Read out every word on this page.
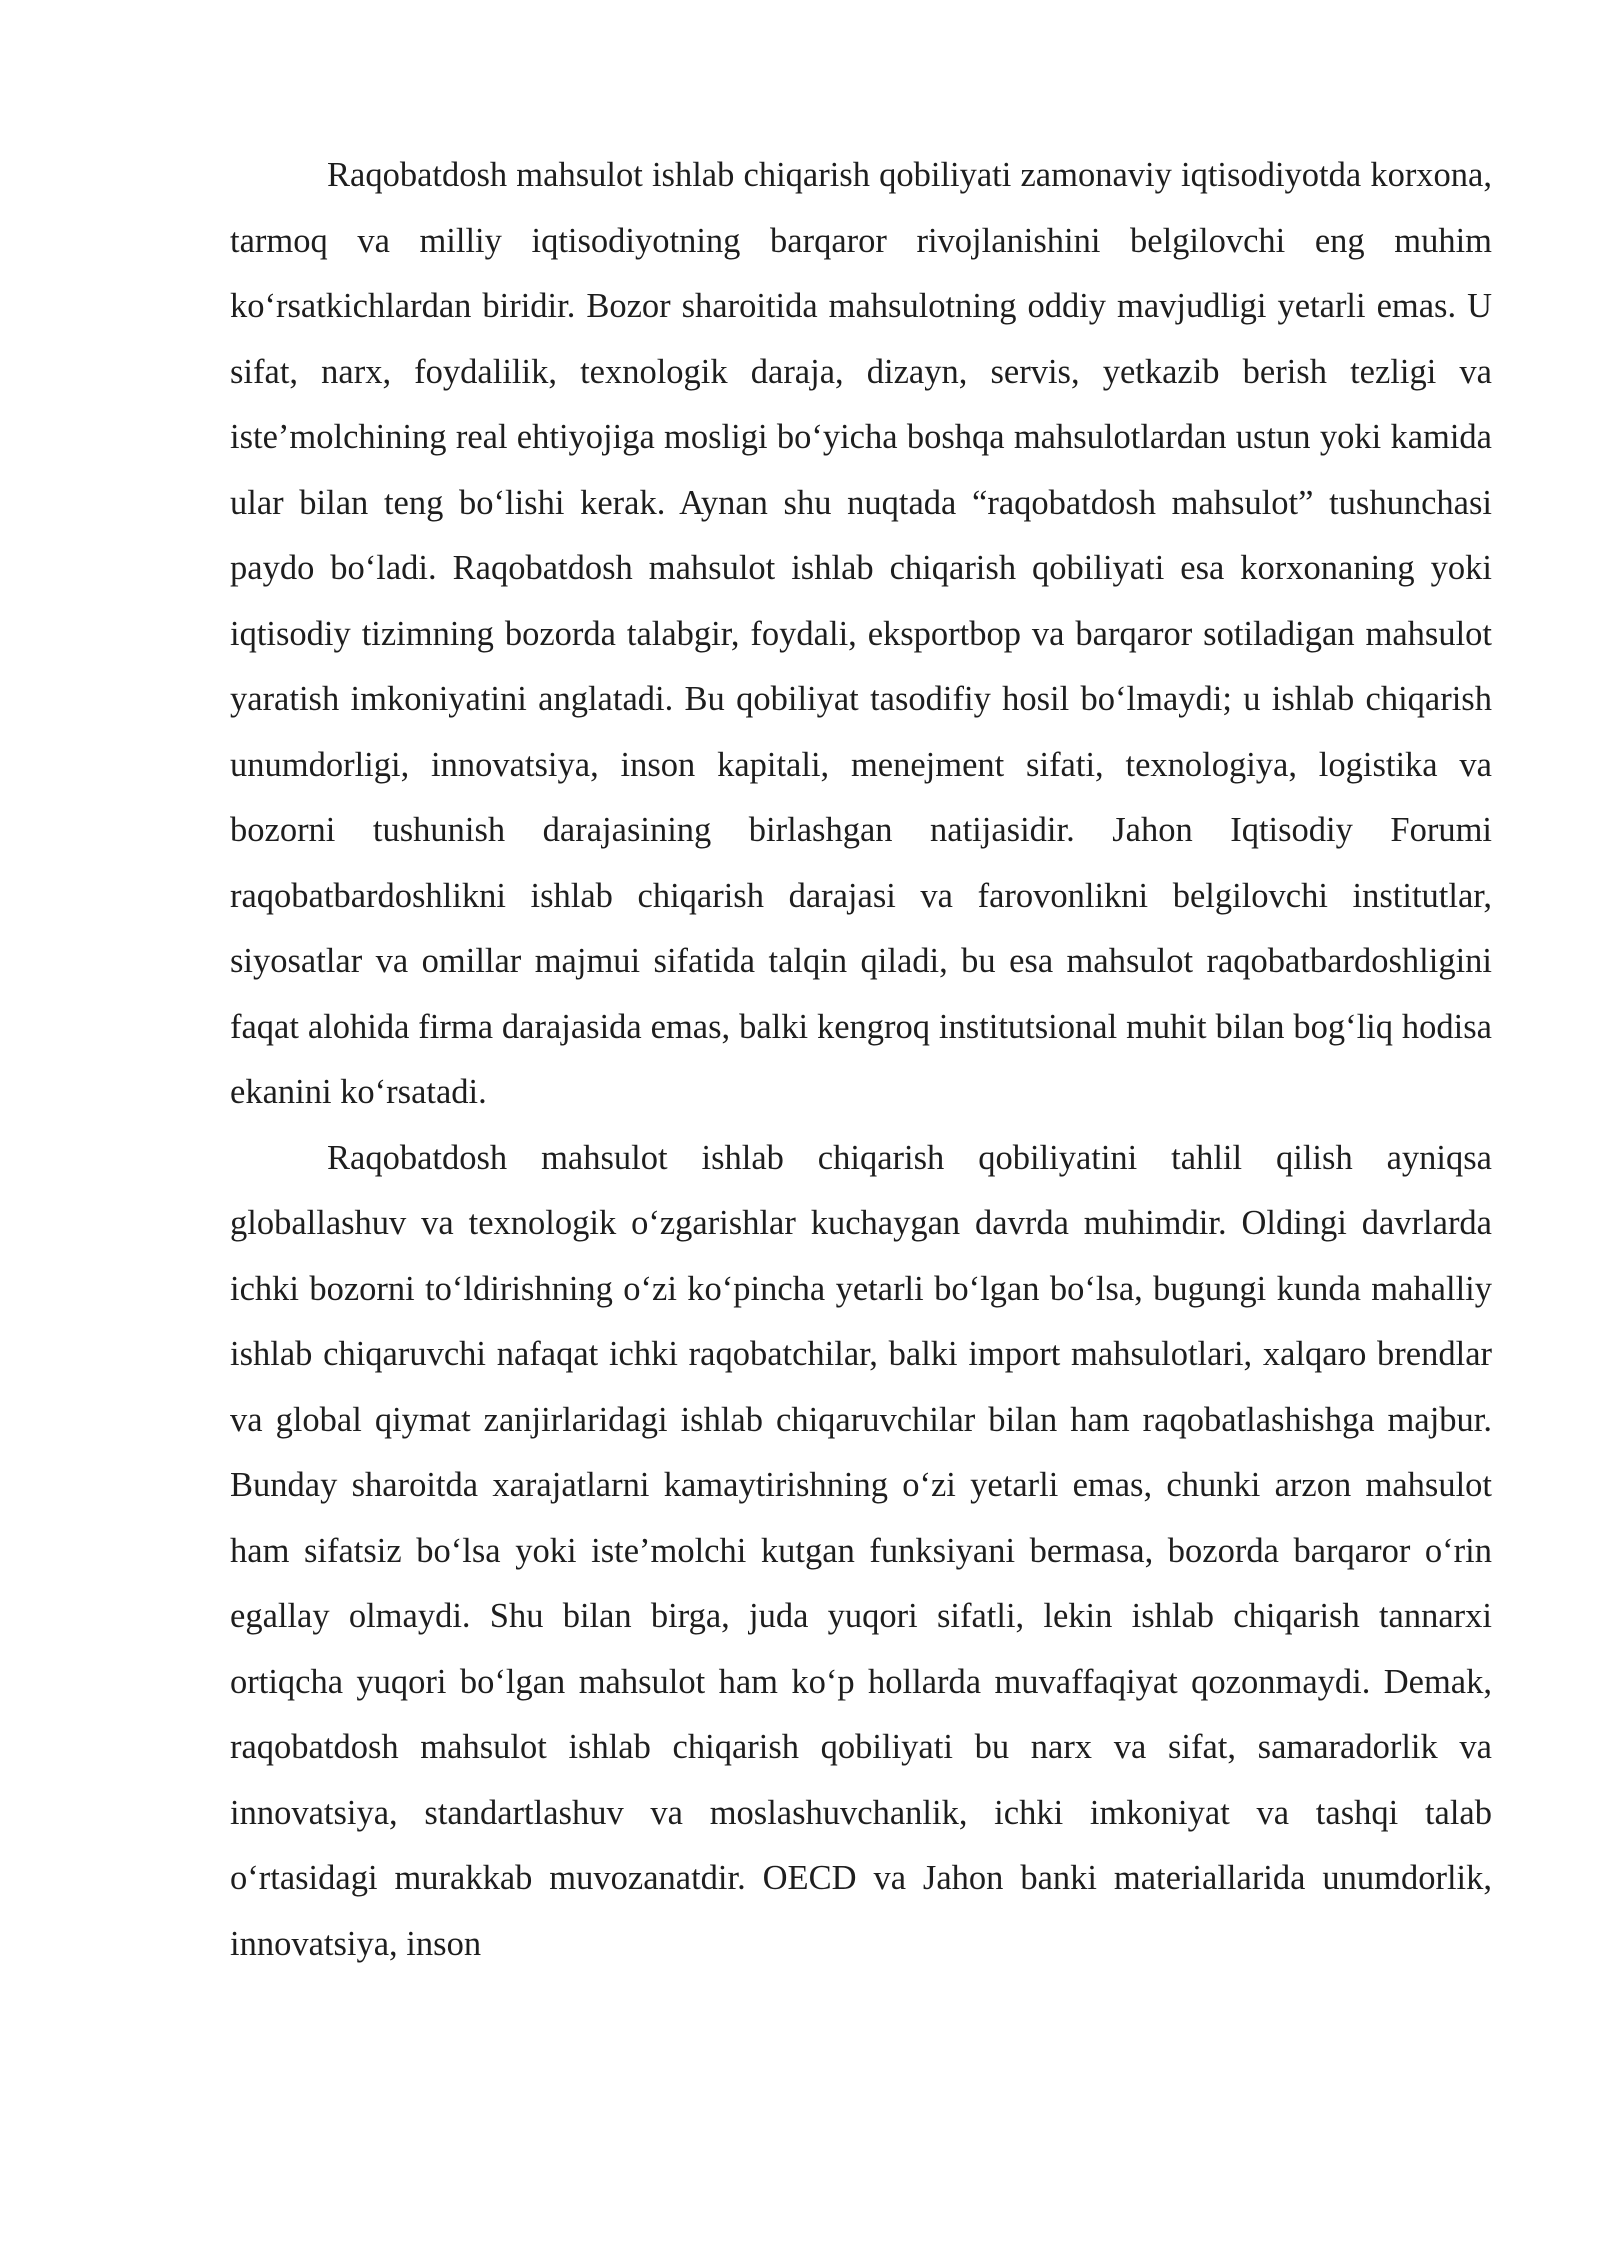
Raqobatdosh mahsulot ishlab chiqarish qobiliyati zamonaviy iqtisodiyotda korxona, tarmoq va milliy iqtisodiyotning barqaror rivojlanishini belgilovchi eng muhim ko‘rsatkichlardan biridir. Bozor sharoitida mahsulotning oddiy mavjudligi yetarli emas. U sifat, narx, foydalilik, texnologik daraja, dizayn, servis, yetkazib berish tezligi va iste’molchining real ehtiyojiga mosligi bo‘yicha boshqa mahsulotlardan ustun yoki kamida ular bilan teng bo‘lishi kerak. Aynan shu nuqtada “raqobatdosh mahsulot” tushunchasi paydo bo‘ladi. Raqobatdosh mahsulot ishlab chiqarish qobiliyati esa korxonaning yoki iqtisodiy tizimning bozorda talabgir, foydali, eksportbop va barqaror sotiladigan mahsulot yaratish imkoniyatini anglatadi. Bu qobiliyat tasodifiy hosil bo‘lmaydi; u ishlab chiqarish unumdorligi, innovatsiya, inson kapitali, menejment sifati, texnologiya, logistika va bozorni tushunish darajasining birlashgan natijasidir. Jahon Iqtisodiy Forumi raqobatbardoshlikni ishlab chiqarish darajasi va farovonlikni belgilovchi institutlar, siyosatlar va omillar majmui sifatida talqin qiladi, bu esa mahsulot raqobatbardoshligini faqat alohida firma darajasida emas, balki kengroq institutsional muhit bilan bog‘liq hodisa ekanini ko‘rsatadi.

Raqobatdosh mahsulot ishlab chiqarish qobiliyatini tahlil qilish ayniqsa globallashuv va texnologik o‘zgarishlar kuchaygan davrda muhimdir. Oldingi davrlarda ichki bozorni to‘ldirishning o‘zi ko‘pincha yetarli bo‘lgan bo‘lsa, bugungi kunda mahalliy ishlab chiqaruvchi nafaqat ichki raqobatchilar, balki import mahsulotlari, xalqaro brendlar va global qiymat zanjirlaridagi ishlab chiqaruvchilar bilan ham raqobatlashishga majbur. Bunday sharoitda xarajatlarni kamaytirishning o‘zi yetarli emas, chunki arzon mahsulot ham sifatsiz bo‘lsa yoki iste’molchi kutgan funksiyani bermasa, bozorda barqaror o‘rin egallay olmaydi. Shu bilan birga, juda yuqori sifatli, lekin ishlab chiqarish tannarxi ortiqcha yuqori bo‘lgan mahsulot ham ko‘p hollarda muvaffaqiyat qozonmaydi. Demak, raqobatdosh mahsulot ishlab chiqarish qobiliyati bu narx va sifat, samaradorlik va innovatsiya, standartlashuv va moslashuvchanlik, ichki imkoniyat va tashqi talab o‘rtasidagi murakkab muvozanatdir. OECD va Jahon banki materiallarida unumdorlik, innovatsiya, inson
